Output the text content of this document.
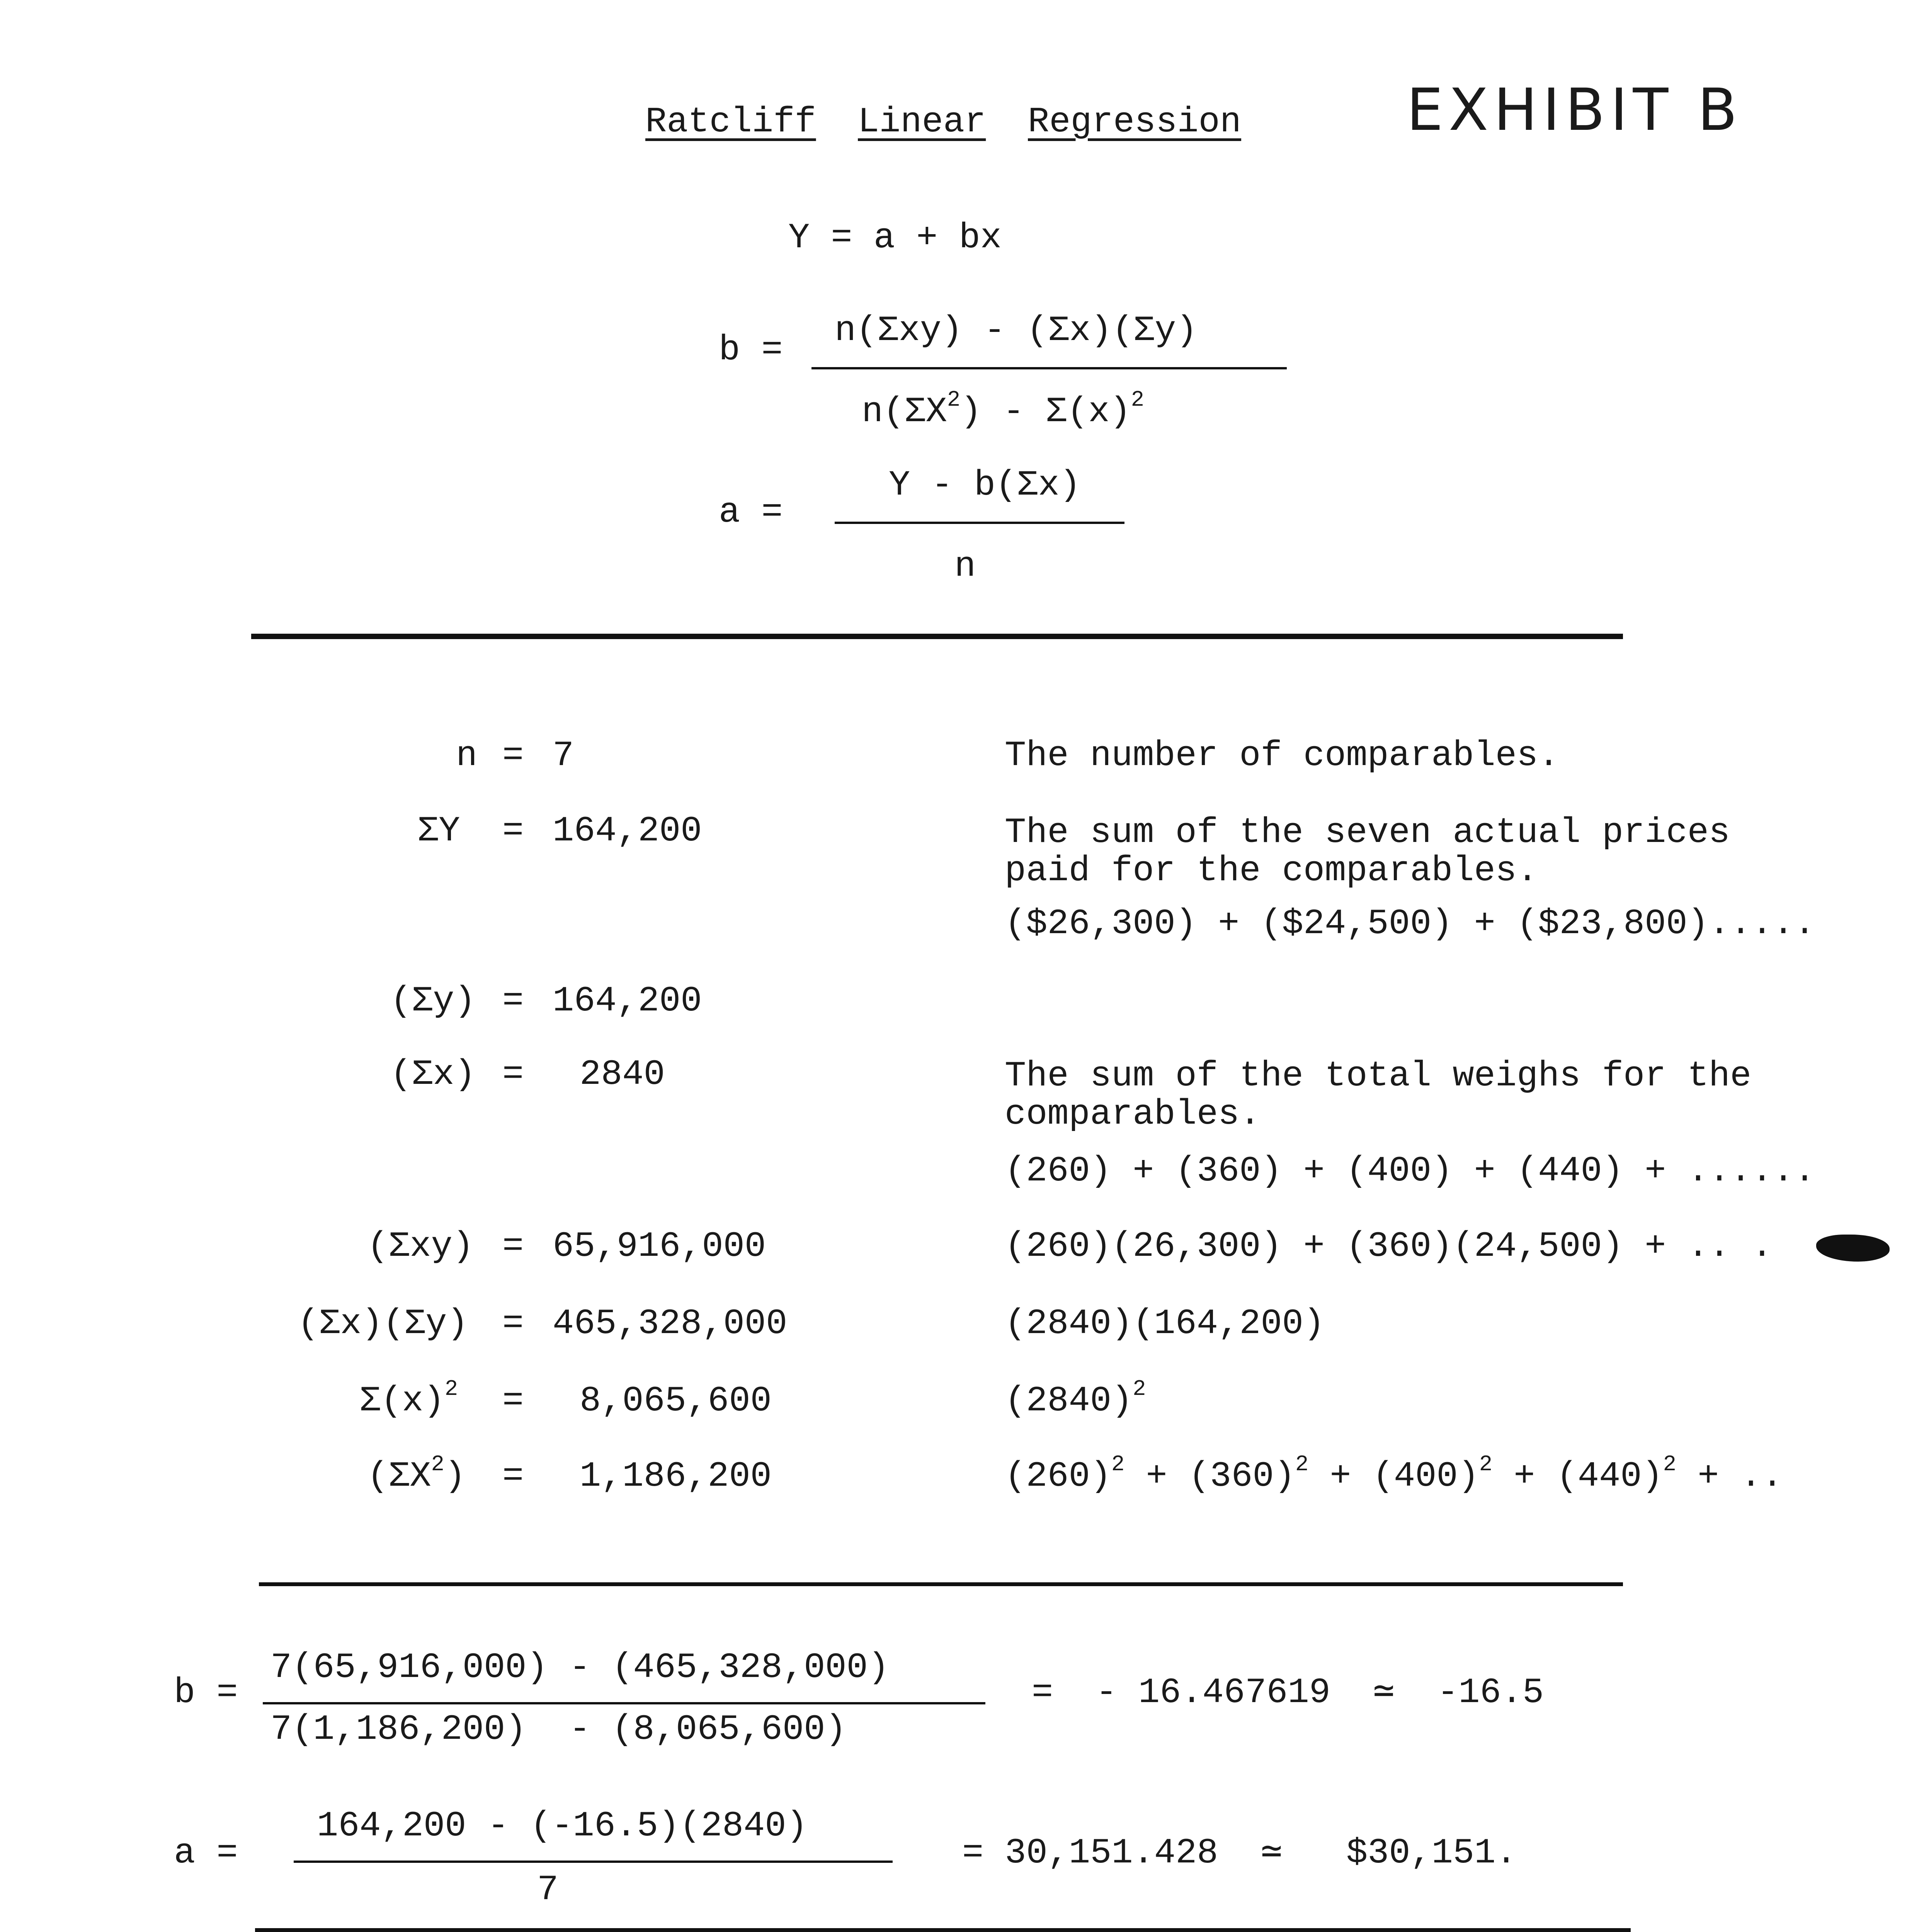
Ratcliff Linear Regression	EXHIBIT B
Y = a + bx
b = n(Σxy) - (Σx)(Σy)
$n(\Sigma X^2) - \Sigma(x)^2$
a =
Y - b(Σx)
n
n = 7	The number of comparables.
ΣY = 164,200	The sum of the seven actual prices
paid for the comparables.
($26,300) + ($24,500) + ($23,800).....
(Σy) = 164,200
(Σx) = 2840	The sum of the total weighs for the
comparables.
(260) + (360) + (400) + (440) + ......
(Σxy) = 65,916,000	(260)(26,300) + (360)(24,500) + .. .
(Σx)(Σy) = 465,328,000	(2840)(164,200)
$\Sigma(x)^2 = 8,065,600$	$(2840)^2$
$(\Sigma X^2) = 1,186,200$	$(260)^2 + (360)^2 + (400)^2 + (440)^2$ + ..
b =
7(65,916,000) - (465,328,000)
7(1,186,200)  - (8,065,600)
=  - 16.467619  ≃  -16.5
a =
164,200 - (-16.5)(2840)
7
= 30,151.428  ≃   $30,151.
